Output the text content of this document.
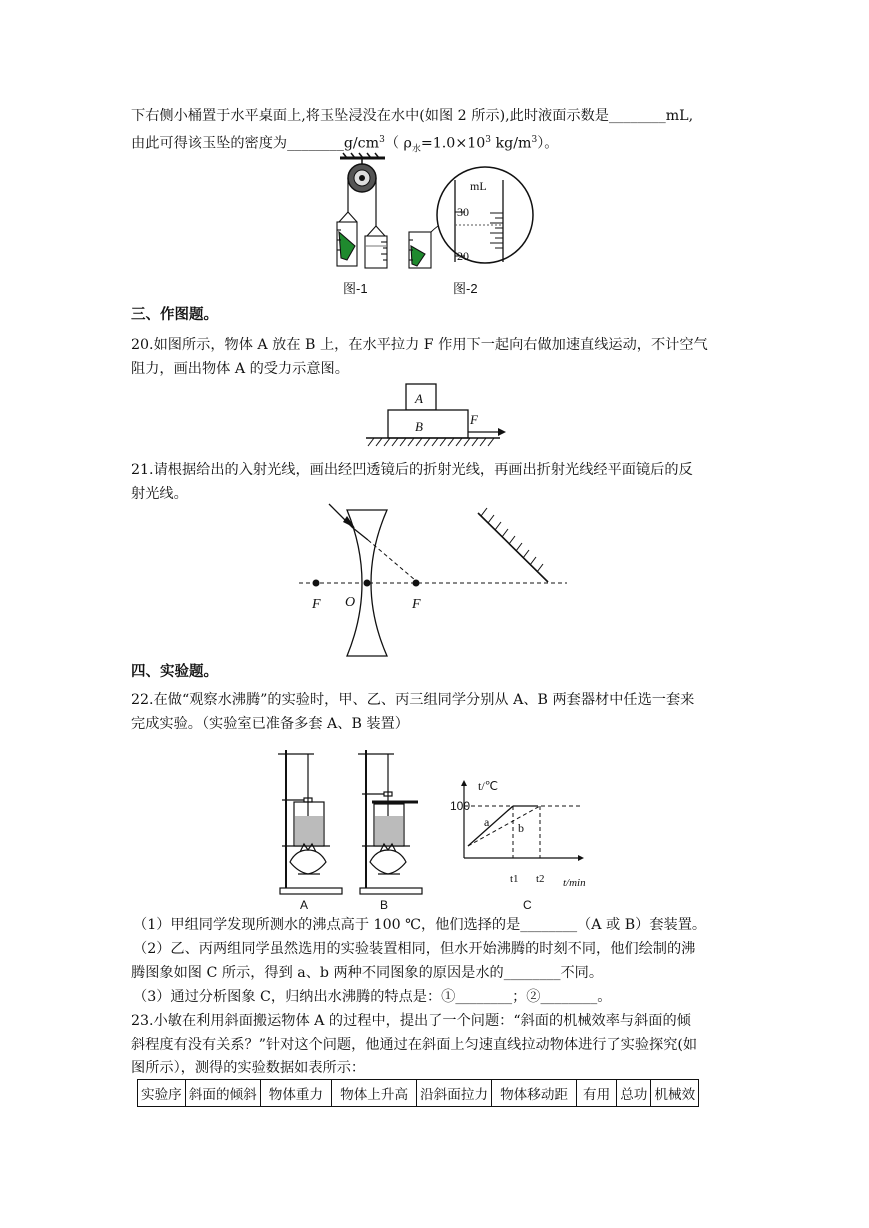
下右侧小桶置于水平桌面上,将玉坠浸没在水中(如图 2 所示),此时液面示数是________mL,
由此可得该玉坠的密度为$\_\_\_\_\_\_\_\_g/cm^3$（ $\rho_水=1.0\times 10^3$ $kg/m^3$）。
mL
30
20
图-1	图-2
三、作图题。
20.如图所示，物体 A 放在 B 上，在水平拉力 F 作用下一起向右做加速直线运动，不计空气
阻力，画出物体 A 的受力示意图。
A
B	F
21.请根据给出的入射光线，画出经凹透镜后的折射光线，再画出折射光线经平面镜后的反
射光线。
F O	F
四、实验题。
22.在做“观察水沸腾”的实验时，甲、乙、丙三组同学分别从 A、B 两套器材中任选一套来
完成实验。（实验室已准备多套 A、B 装置）
A	B
t/℃
t/min
100
t1 t2
a b
C
（1）甲组同学发现所测水的沸点高于 100 ℃，他们选择的是________（A 或 B）套装置。
（2）乙、丙两组同学虽然选用的实验装置相同，但水开始沸腾的时刻不同，他们绘制的沸
腾图象如图 C 所示，得到 a、b 两种不同图象的原因是水的________不同。
（3）通过分析图象 C，归纳出水沸腾的特点是：①________；②________。
23.小敏在利用斜面搬运物体 A 的过程中，提出了一个问题：“斜面的机械效率与斜面的倾
斜程度有没有关系？”针对这个问题，他通过在斜面上匀速直线拉动物体进行了实验探究(如
图所示），测得的实验数据如表所示：
实验序	斜面的倾斜	物体重力	物体上升高	沿斜面拉力	物体移动距	有用	总功	机械效
